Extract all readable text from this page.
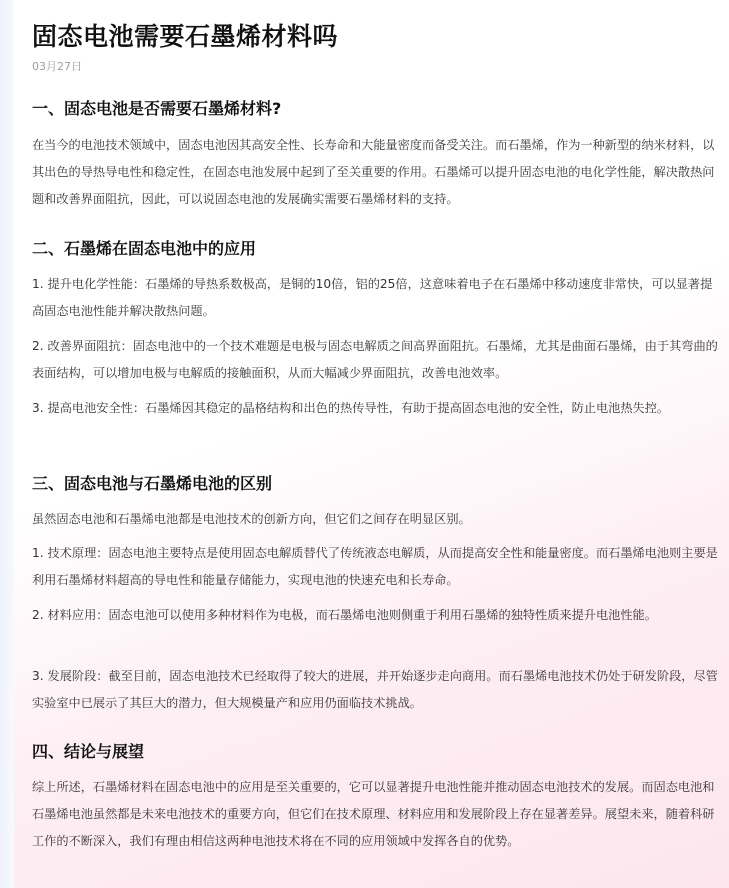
固态电池需要石墨烯材料吗
03月27日
一、固态电池是否需要石墨烯材料?

在当今的电池技术领域中，固态电池因其高安全性、长寿命和大能量密度而备受关注。而石墨烯，作为一种新型的纳米材料，以其出色的导热导电性和稳定性，在固态电池发展中起到了至关重要的作用。石墨烯可以提升固态电池的电化学性能，解决散热问题和改善界面阻抗，因此，可以说固态电池的发展确实需要石墨烯材料的支持。

二、石墨烯在固态电池中的应用

1. 提升电化学性能：石墨烯的导热系数极高，是铜的10倍，铝的25倍，这意味着电子在石墨烯中移动速度非常快，可以显著提高固态电池性能并解决散热问题。

2. 改善界面阻抗：固态电池中的一个技术难题是电极与固态电解质之间高界面阻抗。石墨烯，尤其是曲面石墨烯，由于其弯曲的表面结构，可以增加电极与电解质的接触面积，从而大幅减少界面阻抗，改善电池效率。

3. 提高电池安全性：石墨烯因其稳定的晶格结构和出色的热传导性，有助于提高固态电池的安全性，防止电池热失控。

三、固态电池与石墨烯电池的区别

虽然固态电池和石墨烯电池都是电池技术的创新方向，但它们之间存在明显区别。

1. 技术原理：固态电池主要特点是使用固态电解质替代了传统液态电解质，从而提高安全性和能量密度。而石墨烯电池则主要是利用石墨烯材料超高的导电性和能量存储能力，实现电池的快速充电和长寿命。

2. 材料应用：固态电池可以使用多种材料作为电极，而石墨烯电池则侧重于利用石墨烯的独特性质来提升电池性能。

3. 发展阶段：截至目前，固态电池技术已经取得了较大的进展，并开始逐步走向商用。而石墨烯电池技术仍处于研发阶段，尽管实验室中已展示了其巨大的潜力，但大规模量产和应用仍面临技术挑战。

四、结论与展望

综上所述，石墨烯材料在固态电池中的应用是至关重要的，它可以显著提升电池性能并推动固态电池技术的发展。而固态电池和石墨烯电池虽然都是未来电池技术的重要方向，但它们在技术原理、材料应用和发展阶段上存在显著差异。展望未来，随着科研工作的不断深入，我们有理由相信这两种电池技术将在不同的应用领域中发挥各自的优势。
